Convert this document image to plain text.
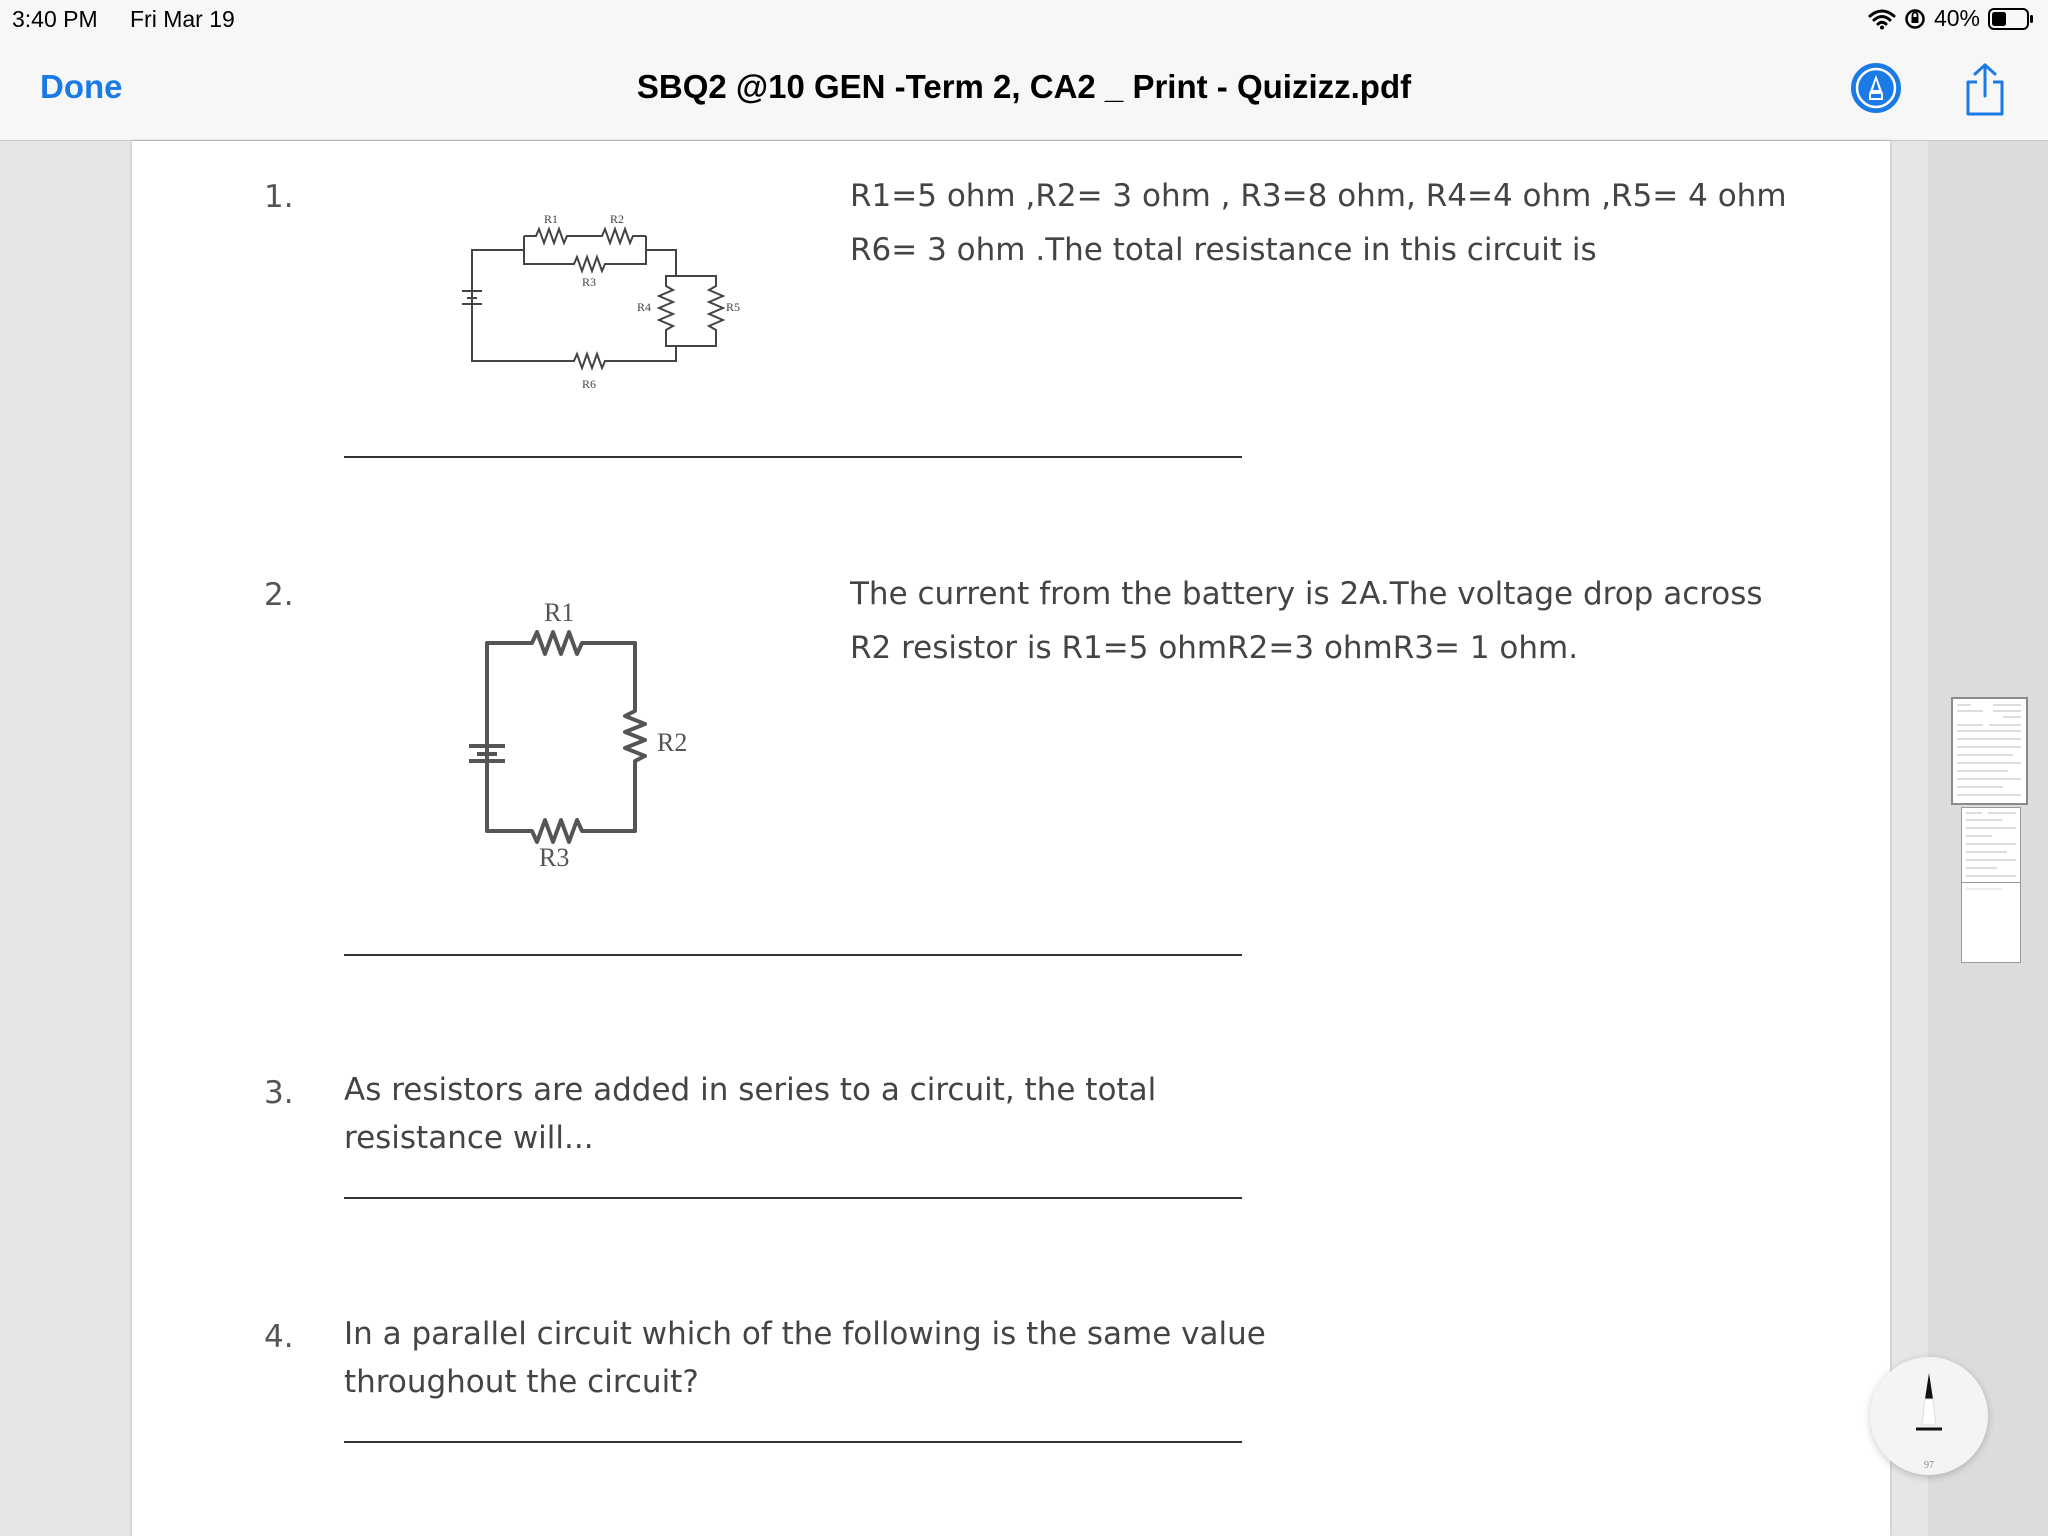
3:40 PM Fri Mar 19	40%
Done	SBQ2 @10 GEN -Term 2, CA2 _ Print - Quizizz.pdf
1.
R1	R2
R3
R4	R5
R6
R1=5 ohm ,R2= 3 ohm , R3=8 ohm, R4=4 ohm ,R5= 4 ohm
R6= 3 ohm .The total resistance in this circuit is
2.	R1
R2
R3
The current from the battery is 2A.The voltage drop across
R2 resistor is R1=5 ohmR2=3 ohmR3= 1 ohm.
3. As resistors are added in series to a circuit, the total
resistance will...
4. In a parallel circuit which of the following is the same value
throughout the circuit?
97
